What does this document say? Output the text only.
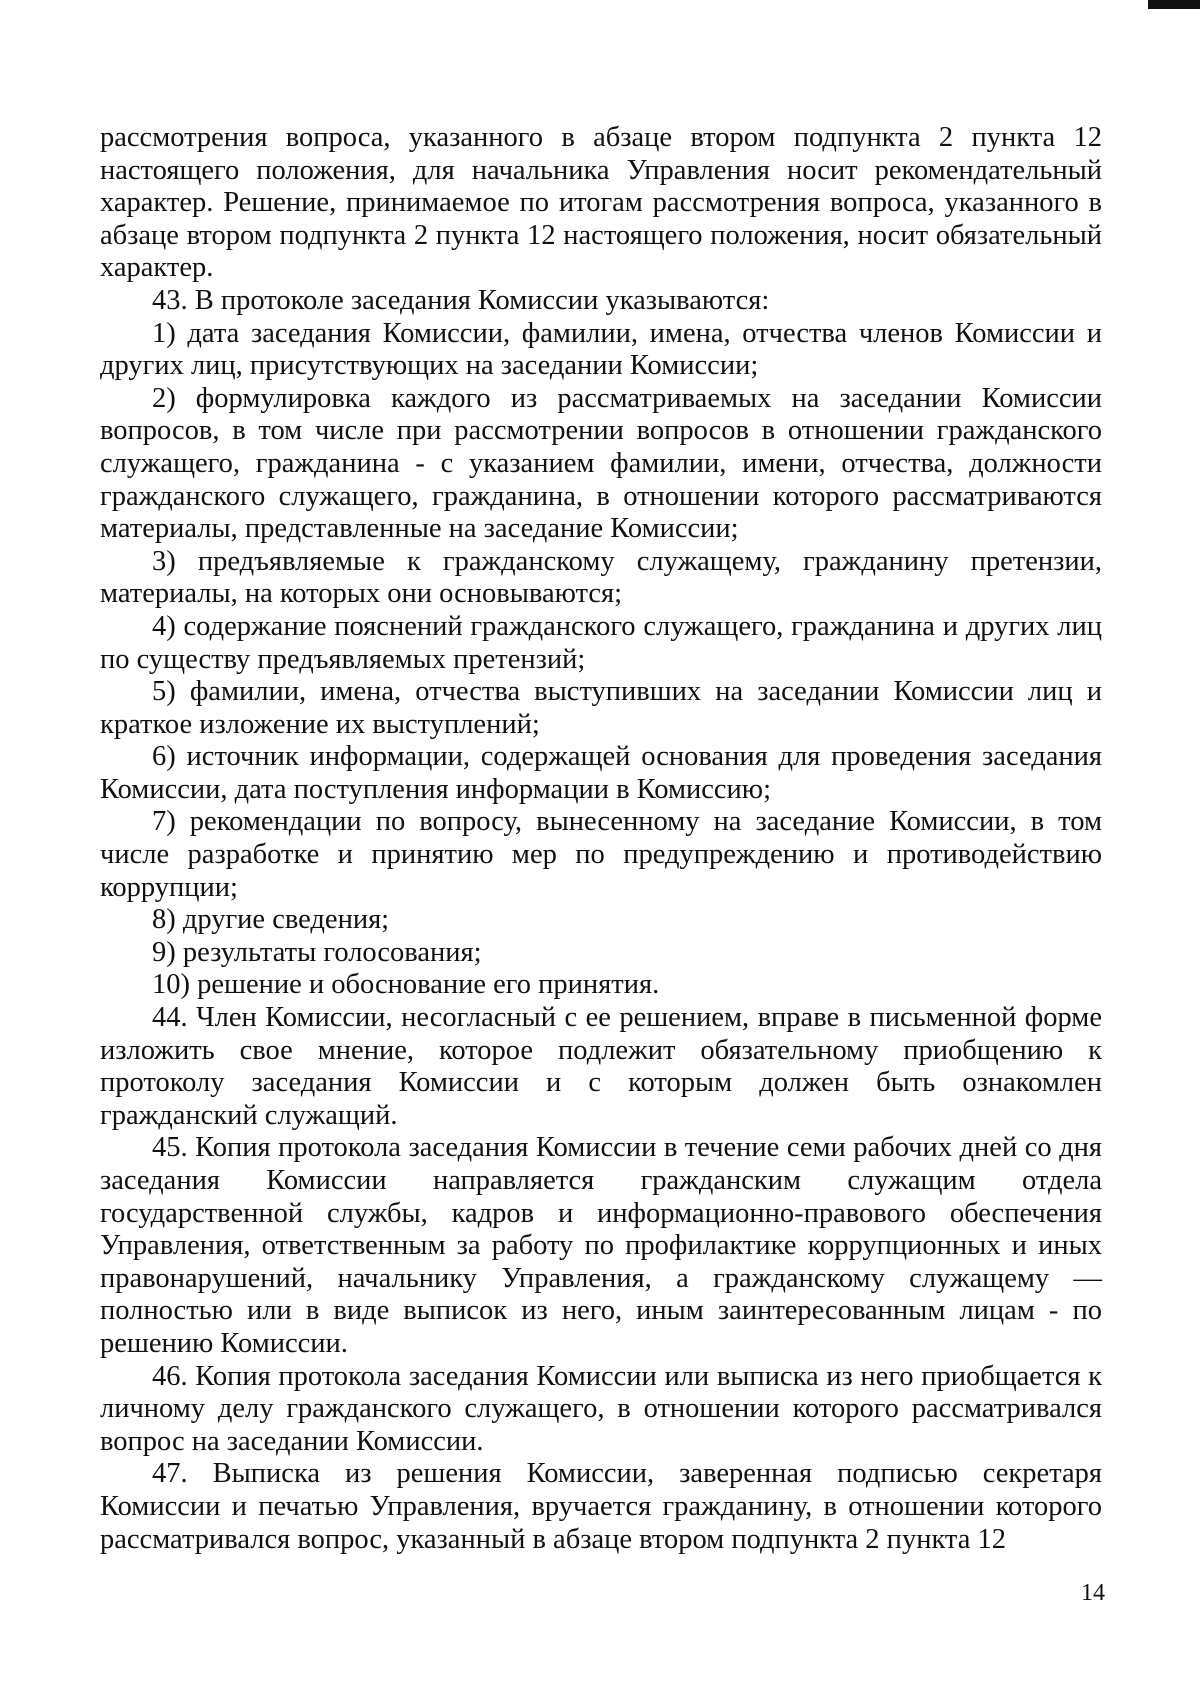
рассмотрения вопроса, указанного в абзаце втором подпункта 2 пункта 12 настоящего положения, для начальника Управления носит рекомендательный характер. Решение, принимаемое по итогам рассмотрения вопроса, указанного в абзаце втором подпункта 2 пункта 12 настоящего положения, носит обязательный характер.

43. В протоколе заседания Комиссии указываются:

1) дата заседания Комиссии, фамилии, имена, отчества членов Комиссии и других лиц, присутствующих на заседании Комиссии;

2) формулировка каждого из рассматриваемых на заседании Комиссии вопросов, в том числе при рассмотрении вопросов в отношении гражданского служащего, гражданина - с указанием фамилии, имени, отчества, должности гражданского служащего, гражданина, в отношении которого рассматриваются материалы, представленные на заседание Комиссии;

3) предъявляемые к гражданскому служащему, гражданину претензии, материалы, на которых они основываются;

4) содержание пояснений гражданского служащего, гражданина и других лиц по существу предъявляемых претензий;

5) фамилии, имена, отчества выступивших на заседании Комиссии лиц и краткое изложение их выступлений;

6) источник информации, содержащей основания для проведения заседания Комиссии, дата поступления информации в Комиссию;

7) рекомендации по вопросу, вынесенному на заседание Комиссии, в том числе разработке и принятию мер по предупреждению и противодействию коррупции;

8) другие сведения;

9) результаты голосования;

10) решение и обоснование его принятия.

44. Член Комиссии, несогласный с ее решением, вправе в письменной форме изложить свое мнение, которое подлежит обязательному приобщению к протоколу заседания Комиссии и с которым должен быть ознакомлен гражданский служащий.

45. Копия протокола заседания Комиссии в течение семи рабочих дней со дня заседания Комиссии направляется гражданским служащим отдела государственной службы, кадров и информационно-правового обеспечения Управления, ответственным за работу по профилактике коррупционных и иных правонарушений, начальнику Управления, а гражданскому служащему — полностью или в виде выписок из него, иным заинтересованным лицам - по решению Комиссии.

46. Копия протокола заседания Комиссии или выписка из него приобщается к личному делу гражданского служащего, в отношении которого рассматривался вопрос на заседании Комиссии.

47. Выписка из решения Комиссии, заверенная подписью секретаря Комиссии и печатью Управления, вручается гражданину, в отношении которого рассматривался вопрос, указанный в абзаце втором подпункта 2 пункта 12

14
